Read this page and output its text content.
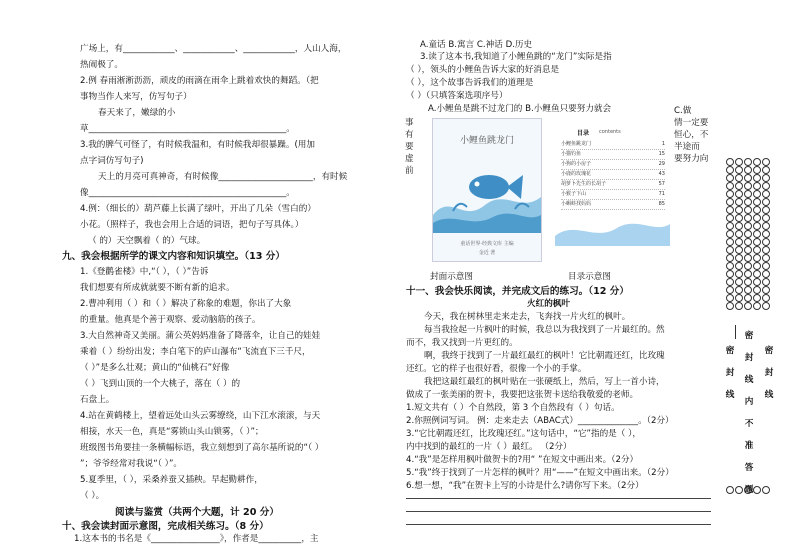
广场上，有____________、____________、____________，人山人海，
热闹极了。
2.例 春雨淅淅沥沥，顽皮的雨滴在雨伞上跳着欢快的舞蹈。（把
事物当作人来写，仿写句子）
春天来了，嫩绿的小
草______________________________________________。
3.我的脾气可怪了，有时候我温和，有时候我却很暴躁。(用加
点字词仿写句子)
天上的月亮可真神奇，有时候像______________________，有时候
像______________________________________________。
4.例：（细长的）葫芦藤上长满了绿叶，开出了几朵（雪白的）
小花。（照样子，我也会用上合适的词语，把句子写具体。）
（ 的）天空飘着（ 的）气球。
九、我会根据所学的课文内容和知识填空。（13 分）
1.《登鹳雀楼》中,“（ ），（ ）”告诉
我们想要有所成就就要不断有新的追求。
2.曹冲利用（ ）和（ ）解决了称象的难题，你出了大象
的重量。他真是个善于观察、爱动脑筋的孩子。
3.大自然神奇又美丽。蒲公英妈妈准备了降落伞，让自己的娃娃
乘着（ ）纷纷出发；李白笔下的庐山瀑布“飞流直下三千尺，
（ ）”是多么壮观；黄山的“仙桃石”好像
（ ）飞到山顶的一个大桃子，落在（ ）的
石盘上。
4.站在黄鹤楼上，望着远处山头云雾缭绕，山下江水滚滚，与天
相接，水天一色，真是“雾锁山头山锁雾，（ ）”；
班级图书角要挂一条横幅标语，我立刻想到了高尔基所说的“（ ）
”；爷爷经常对我说“（ ）”。
5.夏季里，（ ），采桑养蚕又插秧。早起勤耕作，
（ ）。
阅读与鉴赏（共两个大题，计 20 分）
十、我会读封面示意图，完成相关练习。（8 分）
1.这本书的书名是《________________》，作者是__________，主
A.童话 B.寓言 C.神话 D.历史
3.读了这本书,我知道了小鲤鱼跳的“龙门”实际是指
（ ），领头的小鲤鱼告诉大家的好消息是
（ ），这个故事告诉我们的道理是
（ ）（只填答案选项序号）
A.小鲤鱼是跳不过龙门的 B.小鲤鱼只要努力就会
事
有
要
虚
前
C.做
情一定要
恒心，不
半途而
要努力向
小鲤鱼跳龙门
童话世界·经典文库 主编
金近 著
目录 contents
小鲤鱼跳龙门	1
小猫钓鱼	15
小狗的小房子	29
小鹿的玫瑰花	43
胡萝卜先生的长胡子	57
小猴子下山	71
小蝌蚪找妈妈	85
封面示意图	目录示意图
十一、我会快乐阅读，并完成文后的练习。（12 分）
火红的枫叶
今天，我在树林里走来走去，飞奔找一片火红的枫叶。
每当我捡起一片枫叶的时候，我总以为我找到了一片最红的。然
而不，我又找到一片更红的。
啊，我终于找到了一片最红最红的枫叶！它比朝霞还红，比玫瑰
还红。它的样子也很好看，很像一个小的手掌。
我把这最红最红的枫叶贴在一张硬纸上，然后，写上一首小诗，
做成了一张美丽的贺卡，我要把这张贺卡送给我敬爱的老师。
1.短文共有（ ）个自然段，第 3 个自然段有（ ）句话。
2.你照例词写词。 例：走来走去（ABAC式）______________。（2分）
3.“它比朝霞还红，比玫瑰还红。”这句话中，“它”指的是（ ），
内中找到的最红的一片（ ）最红。 （2分）
4.“我”是怎样用枫叶做贺卡的?用“ ”在短文中画出来。（2分）
5.“我”终于找到了一片怎样的枫叶？用“——”在短文中画出来。（2分）
6.想一想，“我”在贺卡上写的小诗是什么?请你写下来。（2分）
密
封
线
密
封
线
内
不
准
答
题
密
封
线
